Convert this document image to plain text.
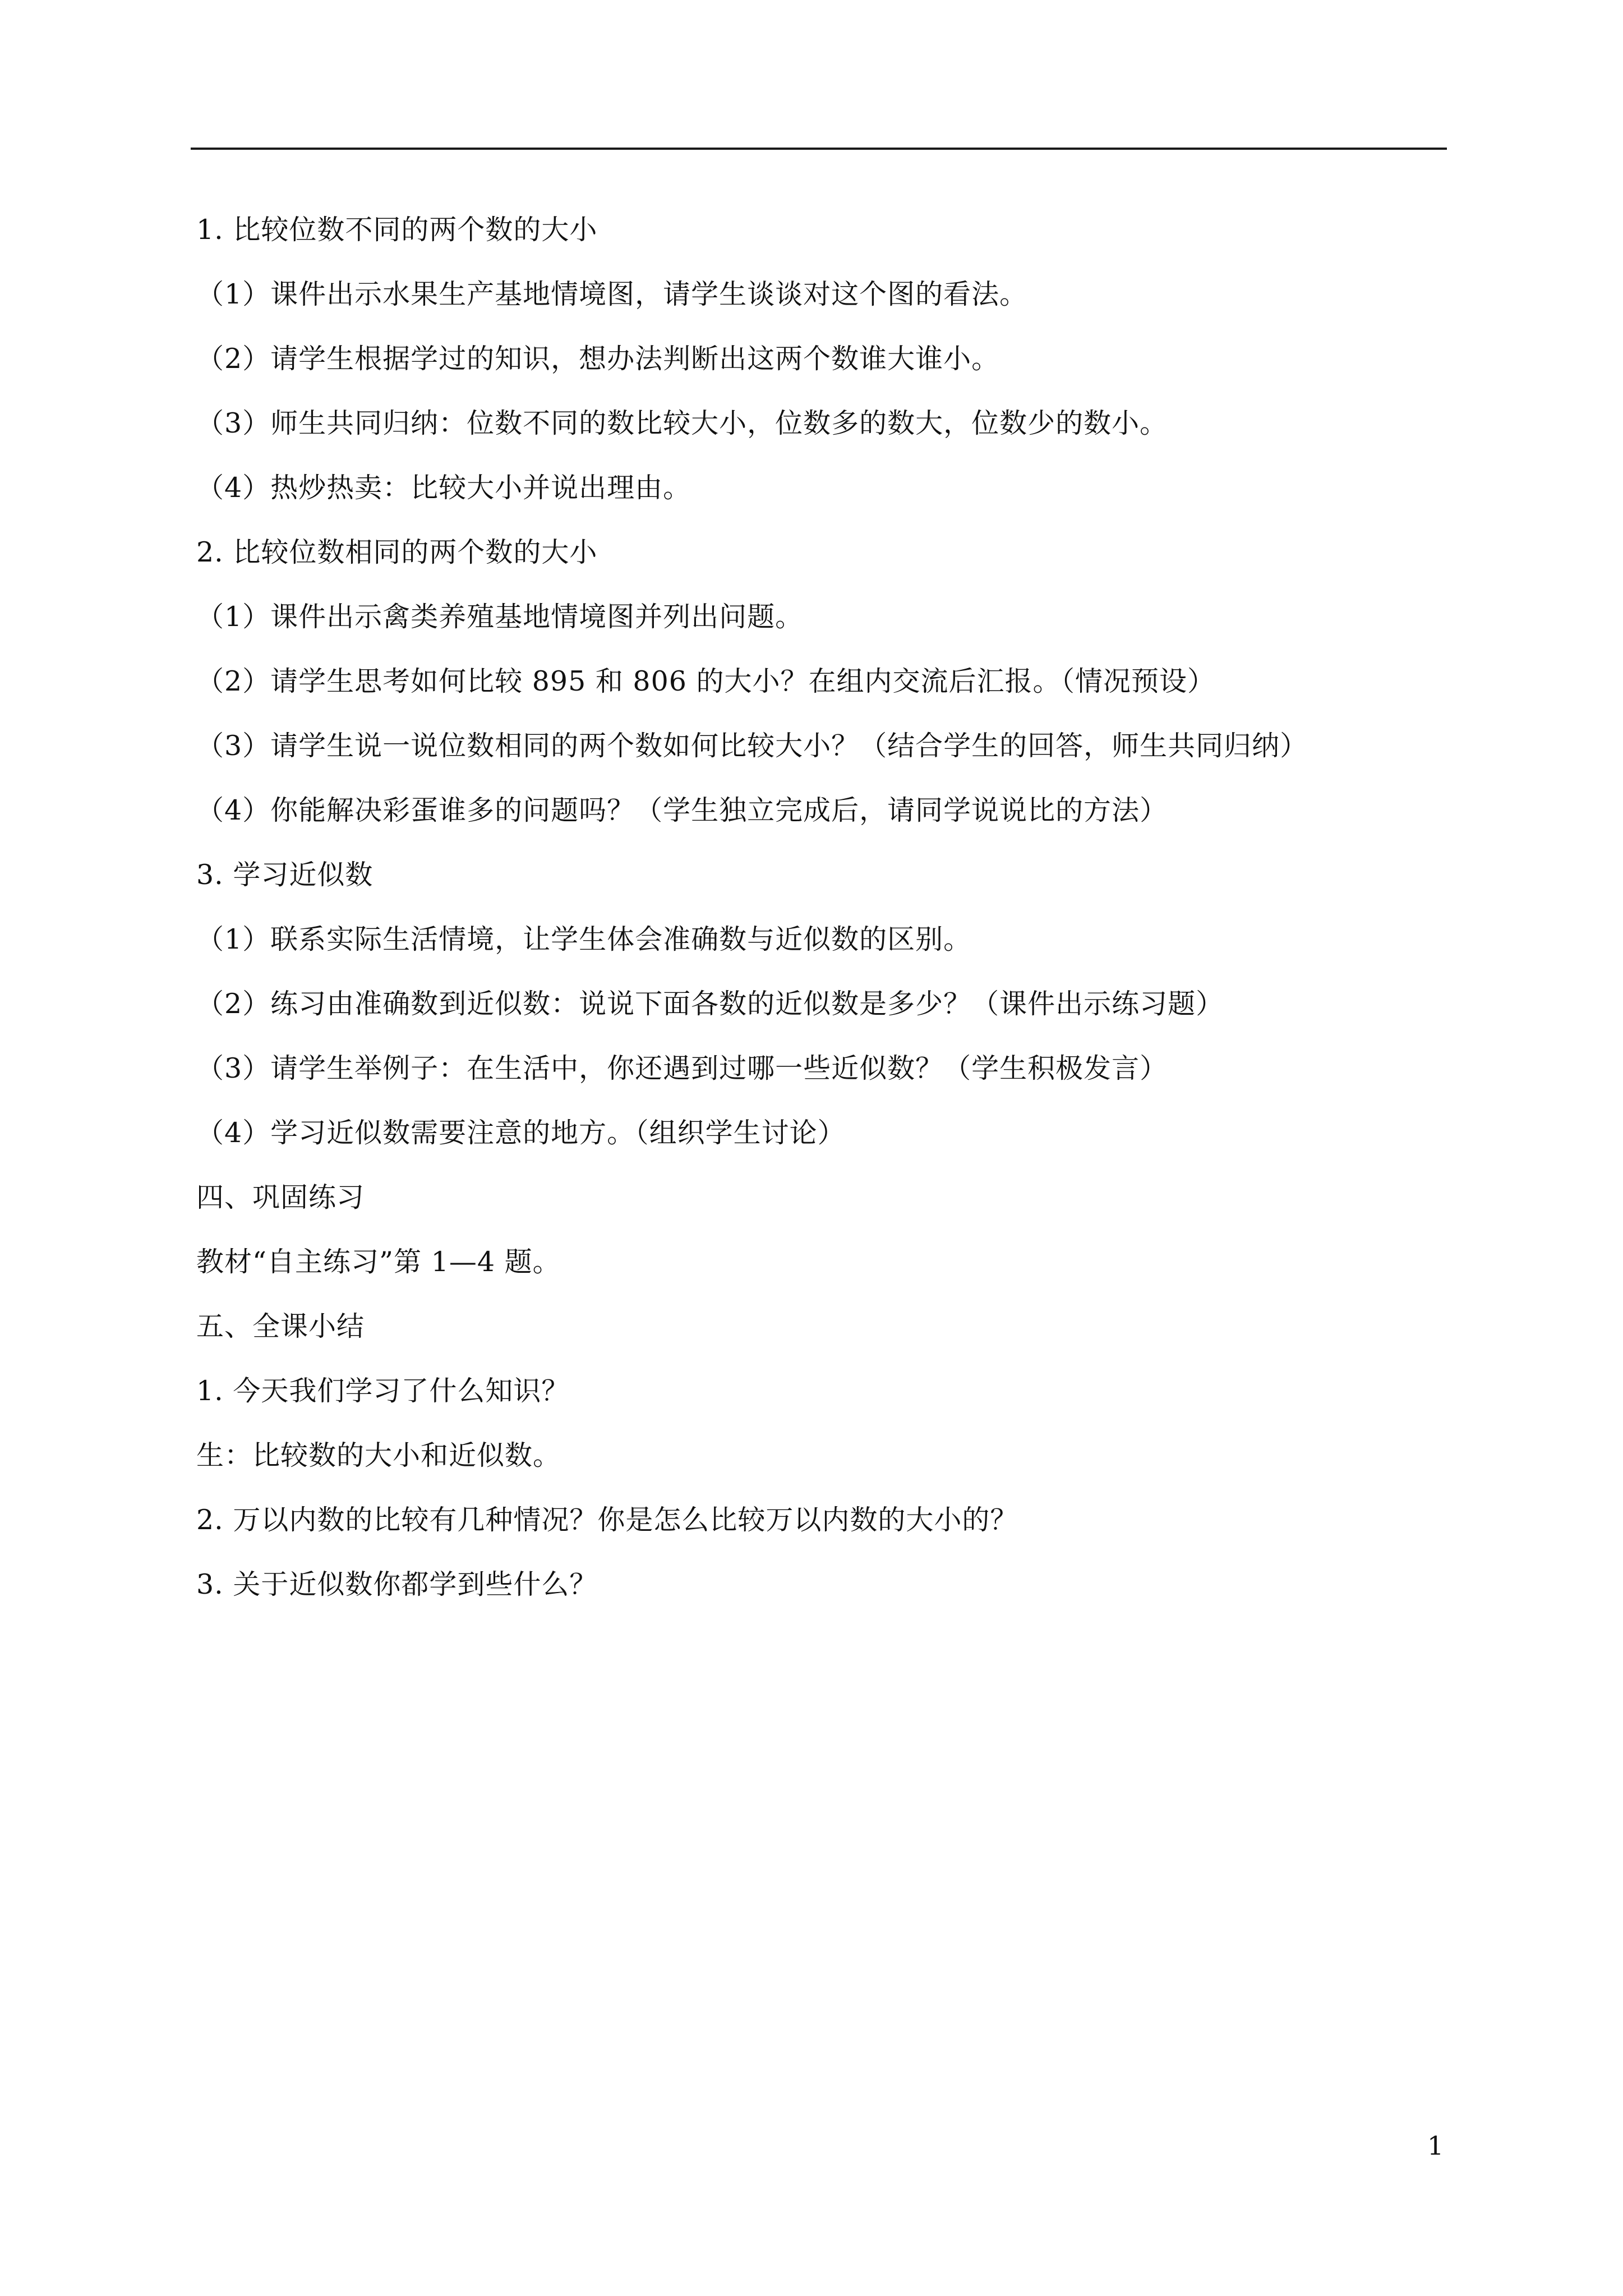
1. 比较位数不同的两个数的大小
（1）课件出示水果生产基地情境图，请学生谈谈对这个图的看法。
（2）请学生根据学过的知识，想办法判断出这两个数谁大谁小。
（3）师生共同归纳：位数不同的数比较大小，位数多的数大，位数少的数小。
（4）热炒热卖：比较大小并说出理由。
2. 比较位数相同的两个数的大小
（1）课件出示禽类养殖基地情境图并列出问题。
（2）请学生思考如何比较 895 和 806 的大小？在组内交流后汇报。（情况预设）
（3）请学生说一说位数相同的两个数如何比较大小？（结合学生的回答，师生共同归纳）
（4）你能解决彩蛋谁多的问题吗？（学生独立完成后，请同学说说比的方法）
3. 学习近似数
（1）联系实际生活情境，让学生体会准确数与近似数的区别。
（2）练习由准确数到近似数：说说下面各数的近似数是多少？（课件出示练习题）
（3）请学生举例子：在生活中，你还遇到过哪一些近似数？（学生积极发言）
（4）学习近似数需要注意的地方。（组织学生讨论）
四、巩固练习
教材“自主练习”第 1—4 题。
五、全课小结
1. 今天我们学习了什么知识？
生：比较数的大小和近似数。
2. 万以内数的比较有几种情况？你是怎么比较万以内数的大小的？
3. 关于近似数你都学到些什么？
1
